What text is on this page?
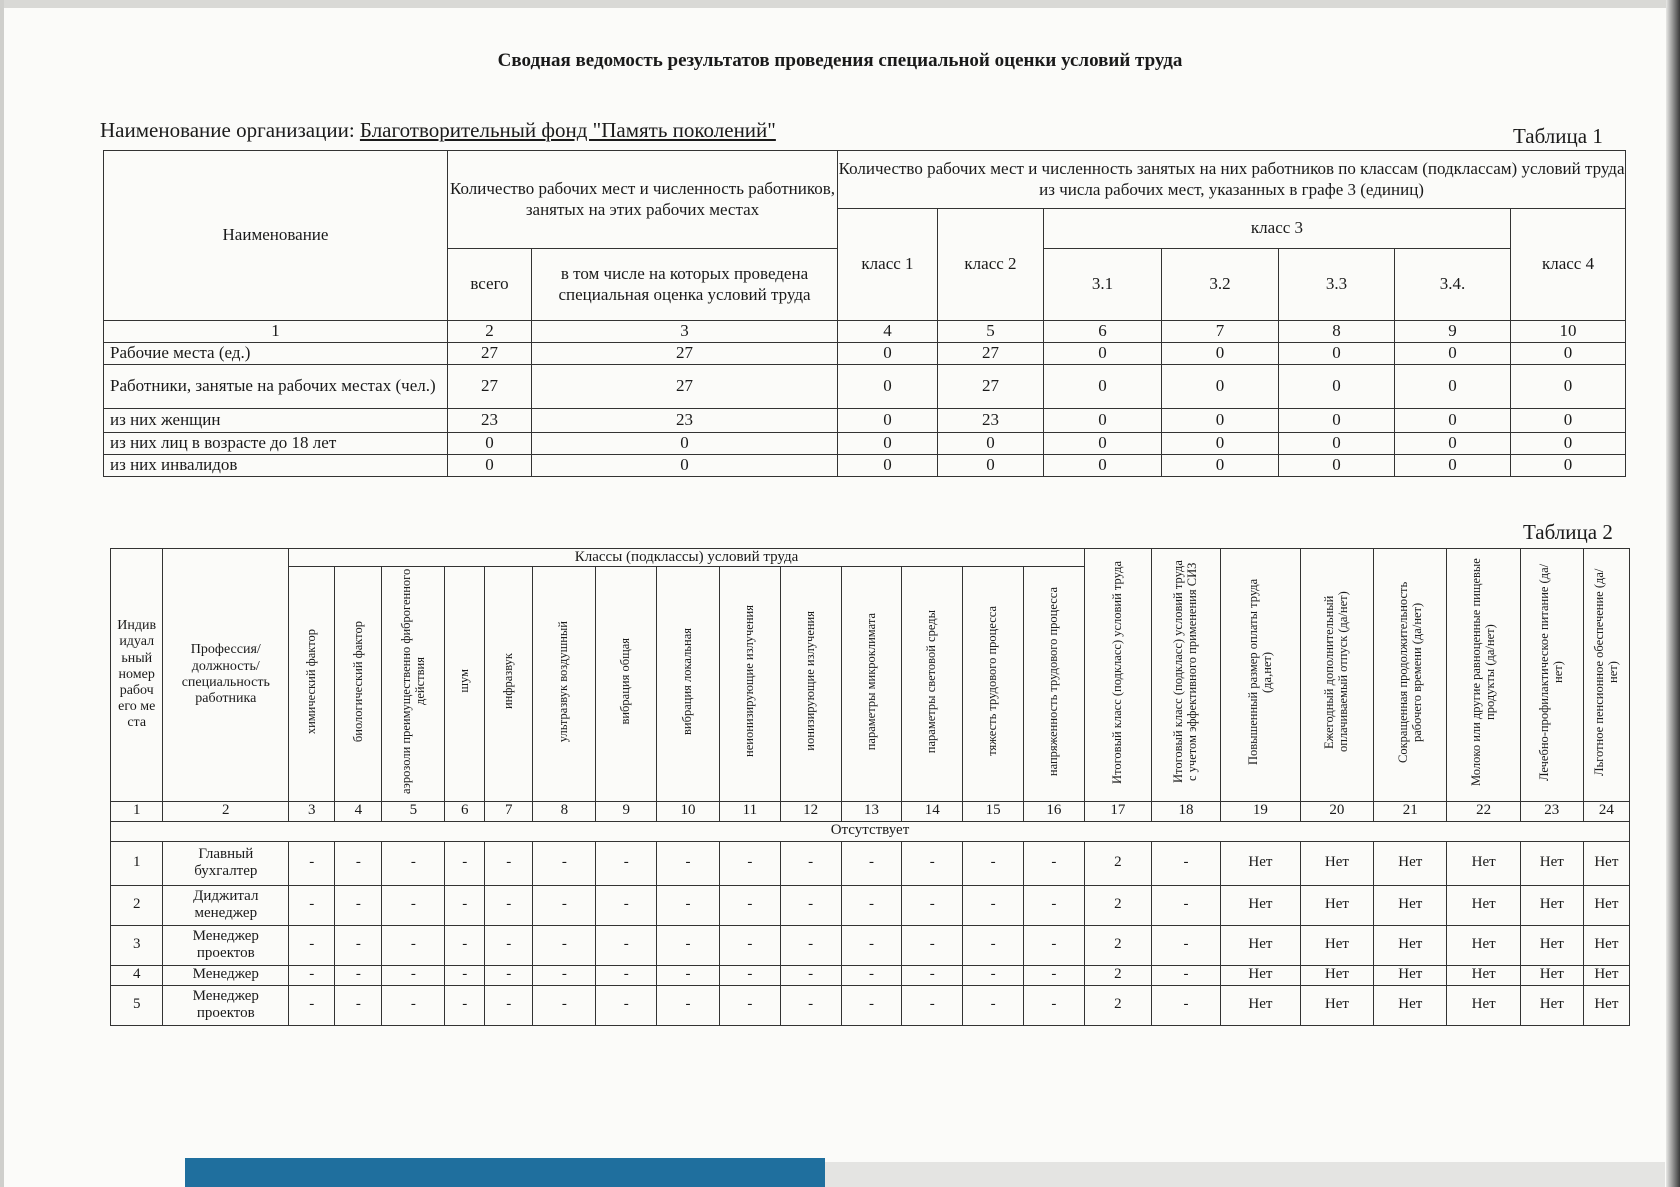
Сводная ведомость результатов проведения специальной оценки условий труда
Наименование организации: Благотворительный фонд "Память поколений"	Таблица 1
Наименование	Количество рабочих мест и численность работников, занятых на этих рабочих местах		Количество рабочих мест и численность занятых на них работников по классам (подклассам) условий труда из числа рабочих мест, указанных в графе 3 (единиц)						
			класс 1	класс 2	класс 3				класс 4
	всего	в том числе на которых проведена специальная оценка условий труда			3.1	3.2	3.3	3.4.	
1	2	3	4	5	6	7	8	9	10
Рабочие места (ед.)	27	27	0	27	0	0	0	0	0
Работники, занятые на рабочих местах (чел.)	27	27	0	27	0	0	0	0	0
из них женщин	23	23	0	23	0	0	0	0	0
из них лиц в возрасте до 18 лет	0	0	0	0	0	0	0	0	0
из них инвалидов	0	0	0	0	0	0	0	0	0
Таблица 2
Индивидуальный номер рабочего места	Профессия/должность/специальность работника	Классы (подклассы) условий труда														Итоговый класс (подкласс) условий труда	Итоговый класс (подкласс) условий труда с учетом эффективного применения СИЗ	Повышенный размер оплаты труда (да,нет)	Ежегодный дополнительный оплачиваемый отпуск (да/нет)	Сокращенная продолжительность рабочего времени (да/нет)	Молоко или другие равноценные пищевые продукты (да/нет)	Лечебно-профилактическое питание (да/нет)	Льготное пенсионное обеспечение (да/нет)
		химический фактор	биологический фактор	аэрозоли преимущественно фиброгенного действия	шум	инфразвук	ультразвук воздушный	вибрация общая	вибрация локальная	неионизирующие излучения	ионизирующие излучения	параметры микроклимата	параметры световой среды	тяжесть трудового процесса	напряженность трудового процесса								
1	2	3	4	5	6	7	8	9	10	11	12	13	14	15	16	17	18	19	20	21	22	23	24
Отсутствует																							
1	Главный бухгалтер	-	-	-	-	-	-	-	-	-	-	-	-	-	-	2	-	Нет	Нет	Нет	Нет	Нет	Нет
2	Диджитал менеджер	-	-	-	-	-	-	-	-	-	-	-	-	-	-	2	-	Нет	Нет	Нет	Нет	Нет	Нет
3	Менеджер проектов	-	-	-	-	-	-	-	-	-	-	-	-	-	-	2	-	Нет	Нет	Нет	Нет	Нет	Нет
4	Менеджер	-	-	-	-	-	-	-	-	-	-	-	-	-	-	2	-	Нет	Нет	Нет	Нет	Нет	Нет
5	Менеджер проектов	-	-	-	-	-	-	-	-	-	-	-	-	-	-	2	-	Нет	Нет	Нет	Нет	Нет	Нет
